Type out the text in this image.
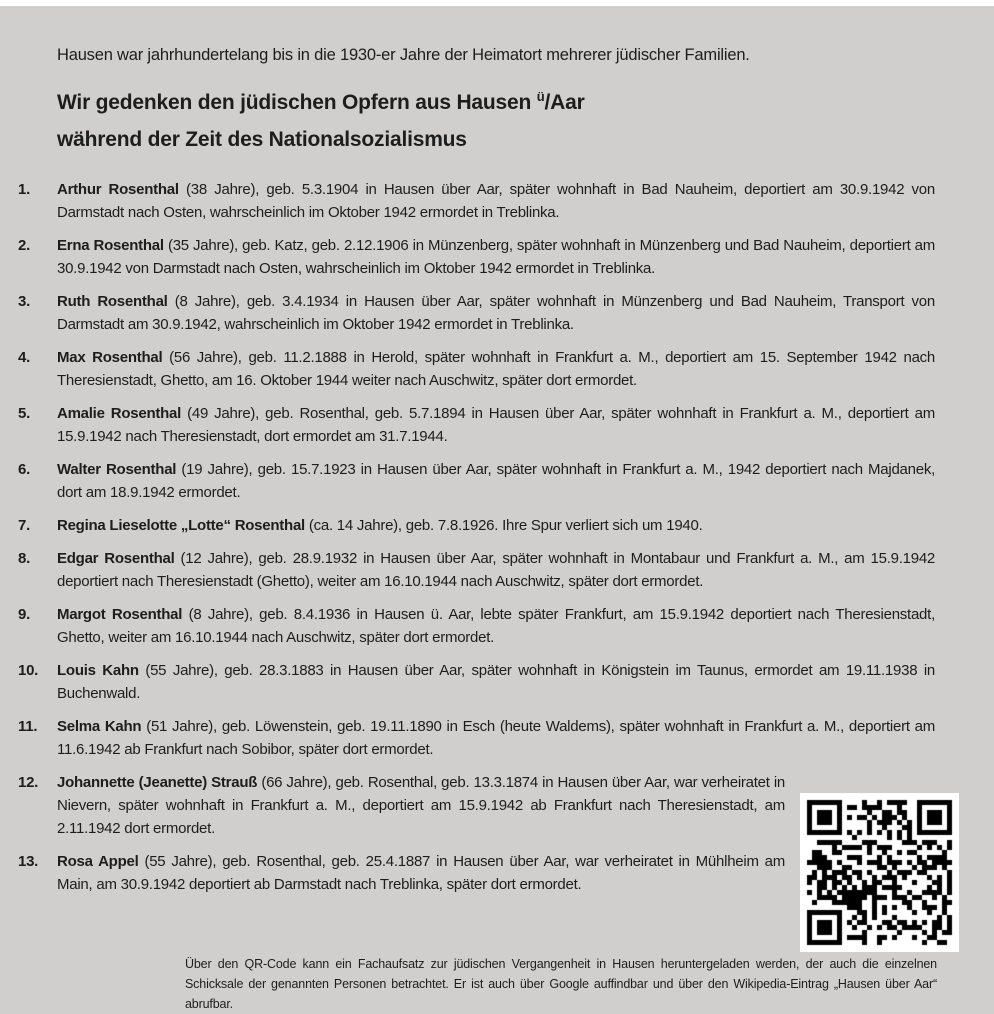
Hausen war jahrhundertelang bis in die 1930-er Jahre der Heimatort mehrerer jüdischer Familien.
Wir gedenken den jüdischen Opfern aus Hausen $^ü$/Aar
während der Zeit des Nationalsozialismus
1.	Arthur Rosenthal (38 Jahre), geb. 5.3.1904 in Hausen über Aar, später wohnhaft in Bad Nauheim, deportiert am 30.9.1942 von Darmstadt nach Osten, wahrscheinlich im Oktober 1942 ermordet in Treblinka.
2.	Erna Rosenthal (35 Jahre), geb. Katz, geb. 2.12.1906 in Münzenberg, später wohnhaft in Münzenberg und Bad Nauheim, deportiert am 30.9.1942 von Darmstadt nach Osten, wahrscheinlich im Oktober 1942 ermordet in Treblinka.
3.	Ruth Rosenthal (8 Jahre), geb. 3.4.1934 in Hausen über Aar, später wohnhaft in Münzenberg und Bad Nauheim, Transport von Darmstadt am 30.9.1942, wahrscheinlich im Oktober 1942 ermordet in Treblinka.
4.	Max Rosenthal (56 Jahre), geb. 11.2.1888 in Herold, später wohnhaft in Frankfurt a. M., deportiert am 15. September 1942 nach Theresienstadt, Ghetto, am 16. Oktober 1944 weiter nach Auschwitz, später dort ermordet.
5.	Amalie Rosenthal (49 Jahre), geb. Rosenthal, geb. 5.7.1894 in Hausen über Aar, später wohnhaft in Frankfurt a. M., deportiert am 15.9.1942 nach Theresienstadt, dort ermordet am 31.7.1944.
6.	Walter Rosenthal (19 Jahre), geb. 15.7.1923 in Hausen über Aar, später wohnhaft in Frankfurt a. M., 1942 deportiert nach Majdanek, dort am 18.9.1942 ermordet.
7.	Regina Lieselotte „Lotte“ Rosenthal (ca. 14 Jahre), geb. 7.8.1926. Ihre Spur verliert sich um 1940.
8.	Edgar Rosenthal (12 Jahre), geb. 28.9.1932 in Hausen über Aar, später wohnhaft in Montabaur und Frankfurt a. M., am 15.9.1942 deportiert nach Theresienstadt (Ghetto), weiter am 16.10.1944 nach Auschwitz, später dort ermordet.
9.	Margot Rosenthal (8 Jahre), geb. 8.4.1936 in Hausen ü. Aar, lebte später Frankfurt, am 15.9.1942 deportiert nach Theresienstadt, Ghetto, weiter am 16.10.1944 nach Auschwitz, später dort ermordet.
10.	Louis Kahn (55 Jahre), geb. 28.3.1883 in Hausen über Aar, später wohnhaft in Königstein im Taunus, ermordet am 19.11.1938 in Buchenwald.
11.	Selma Kahn (51 Jahre), geb. Löwenstein, geb. 19.11.1890 in Esch (heute Waldems), später wohnhaft in Frankfurt a. M., deportiert am 11.6.1942 ab Frankfurt nach Sobibor, später dort ermordet.
12.	Johannette (Jeanette) Strauß (66 Jahre), geb. Rosenthal, geb. 13.3.1874 in Hausen über Aar, war verheiratet in Nievern, später wohnhaft in Frankfurt a. M., deportiert am 15.9.1942 ab Frankfurt nach Theresienstadt, am 2.11.1942 dort ermordet.
13.	Rosa Appel (55 Jahre), geb. Rosenthal, geb. 25.4.1887 in Hausen über Aar, war verheiratet in Mühlheim am Main, am 30.9.1942 deportiert ab Darmstadt nach Treblinka, später dort ermordet.
Über den QR-Code kann ein Fachaufsatz zur jüdischen Vergangenheit in Hausen heruntergeladen werden, der auch die einzelnen Schicksale der genannten Personen betrachtet. Er ist auch über Google auffindbar und über den Wikipedia-Eintrag „Hausen über Aar“ abrufbar.
